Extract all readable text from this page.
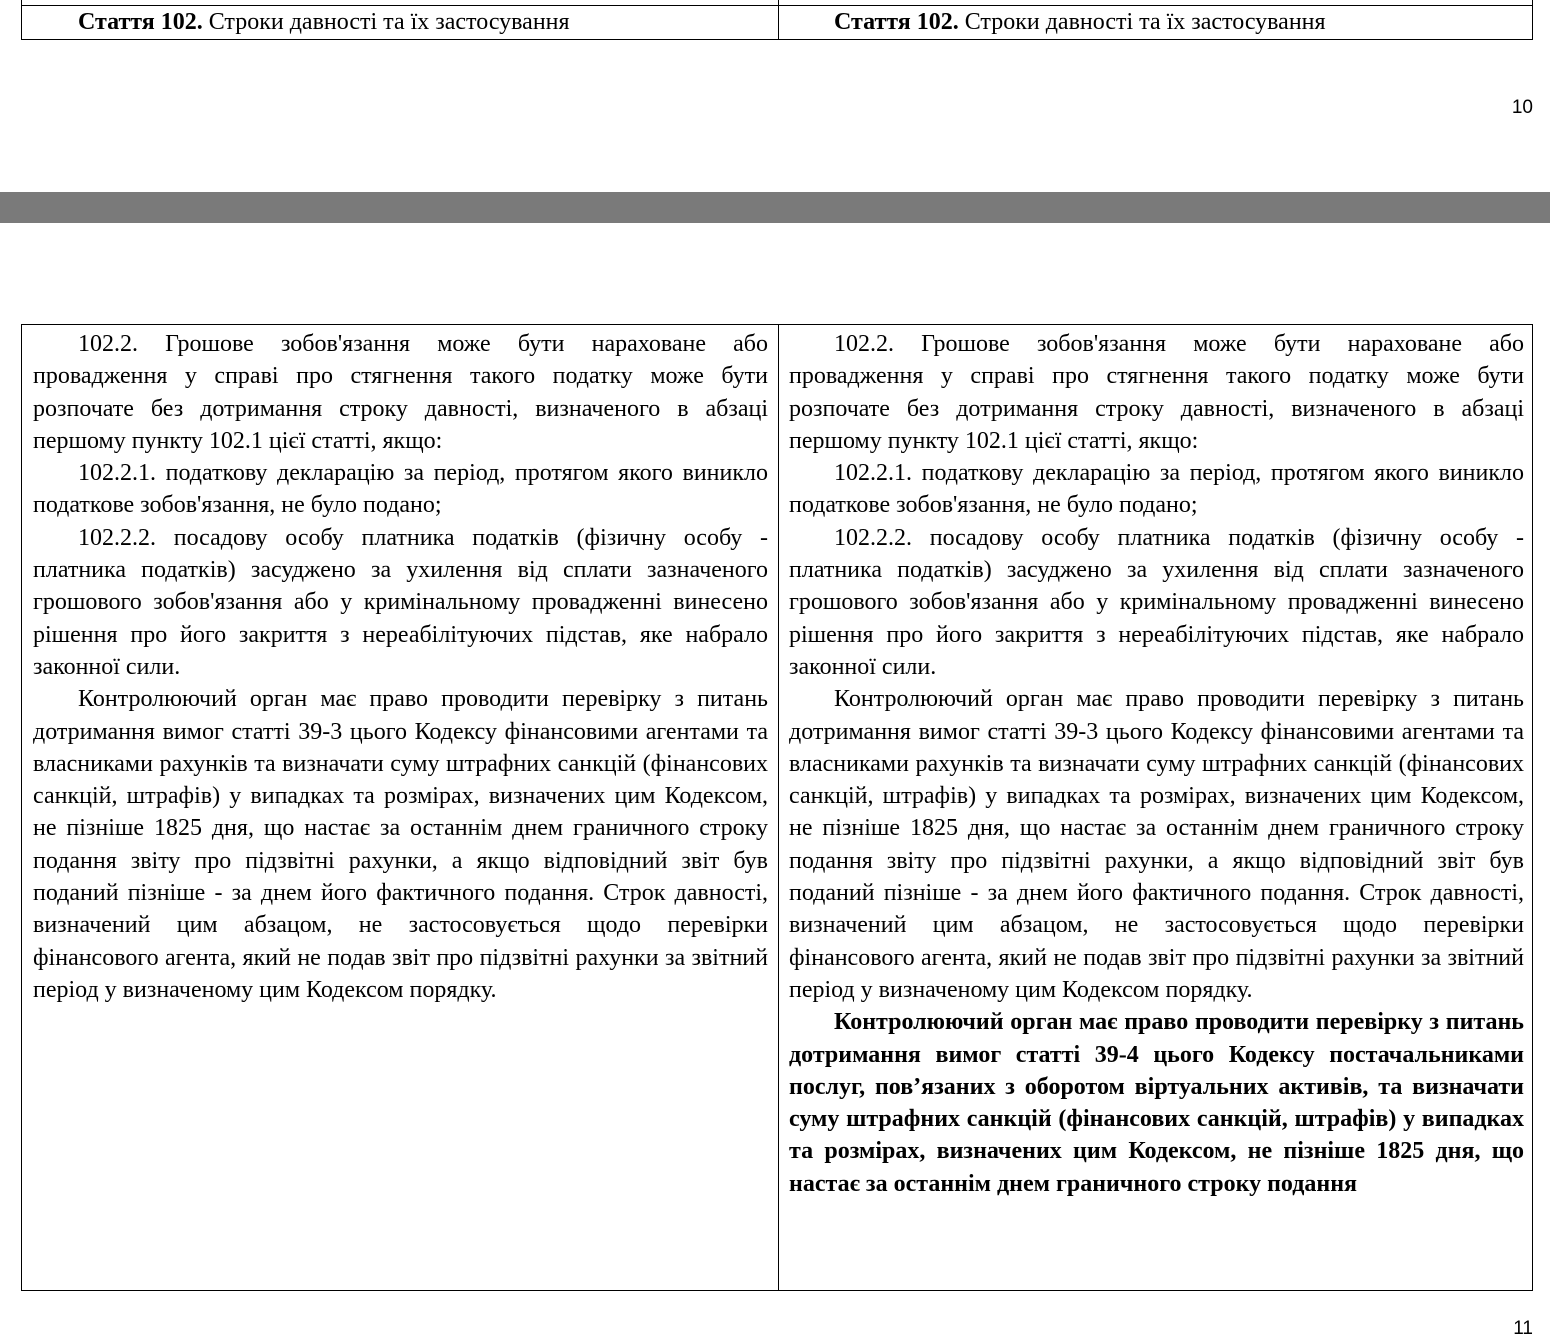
Стаття 102. Строки давності та їх застосування	Стаття 102. Строки давності та їх застосування
10

102.2. Грошове зобов'язання може бути нараховане або провадження у справі про стягнення такого податку може бути розпочате без дотримання строку давності, визначеного в абзаці першому пункту 102.1 цієї статті, якщо:

102.2.1. податкову декларацію за період, протягом якого виникло податкове зобов'язання, не було подано;

102.2.2. посадову особу платника податків (фізичну особу - платника податків) засуджено за ухилення від сплати зазначеного грошового зобов'язання або у кримінальному провадженні винесено рішення про його закриття з нереабілітуючих підстав, яке набрало законної сили.

Контролюючий орган має право проводити перевірку з питань дотримання вимог статті 39-3 цього Кодексу фінансовими агентами та власниками рахунків та визначати суму штрафних санкцій (фінансових санкцій, штрафів) у випадках та розмірах, визначених цим Кодексом, не пізніше 1825 дня, що настає за останнім днем граничного строку подання звіту про підзвітні рахунки, а якщо відповідний звіт був поданий пізніше - за днем його фактичного подання. Строк давності, визначений цим абзацом, не застосовується щодо перевірки фінансового агента, який не подав звіт про підзвітні рахунки за звітний період у визначеному цим Кодексом порядку.

102.2. Грошове зобов'язання може бути нараховане або провадження у справі про стягнення такого податку може бути розпочате без дотримання строку давності, визначеного в абзаці першому пункту 102.1 цієї статті, якщо:

102.2.1. податкову декларацію за період, протягом якого виникло податкове зобов'язання, не було подано;

102.2.2. посадову особу платника податків (фізичну особу - платника податків) засуджено за ухилення від сплати зазначеного грошового зобов'язання або у кримінальному провадженні винесено рішення про його закриття з нереабілітуючих підстав, яке набрало законної сили.

Контролюючий орган має право проводити перевірку з питань дотримання вимог статті 39-3 цього Кодексу фінансовими агентами та власниками рахунків та визначати суму штрафних санкцій (фінансових санкцій, штрафів) у випадках та розмірах, визначених цим Кодексом, не пізніше 1825 дня, що настає за останнім днем граничного строку подання звіту про підзвітні рахунки, а якщо відповідний звіт був поданий пізніше - за днем його фактичного подання. Строк давності, визначений цим абзацом, не застосовується щодо перевірки фінансового агента, який не подав звіт про підзвітні рахунки за звітний період у визначеному цим Кодексом порядку.

Контролюючий орган має право проводити перевірку з питань дотримання вимог статті 39-4 цього Кодексу постачальниками послуг, пов’язаних з оборотом віртуальних активів, та визначати суму штрафних санкцій (фінансових санкцій, штрафів) у випадках та розмірах, визначених цим Кодексом, не пізніше 1825 дня, що настає за останнім днем граничного строку подання

11
